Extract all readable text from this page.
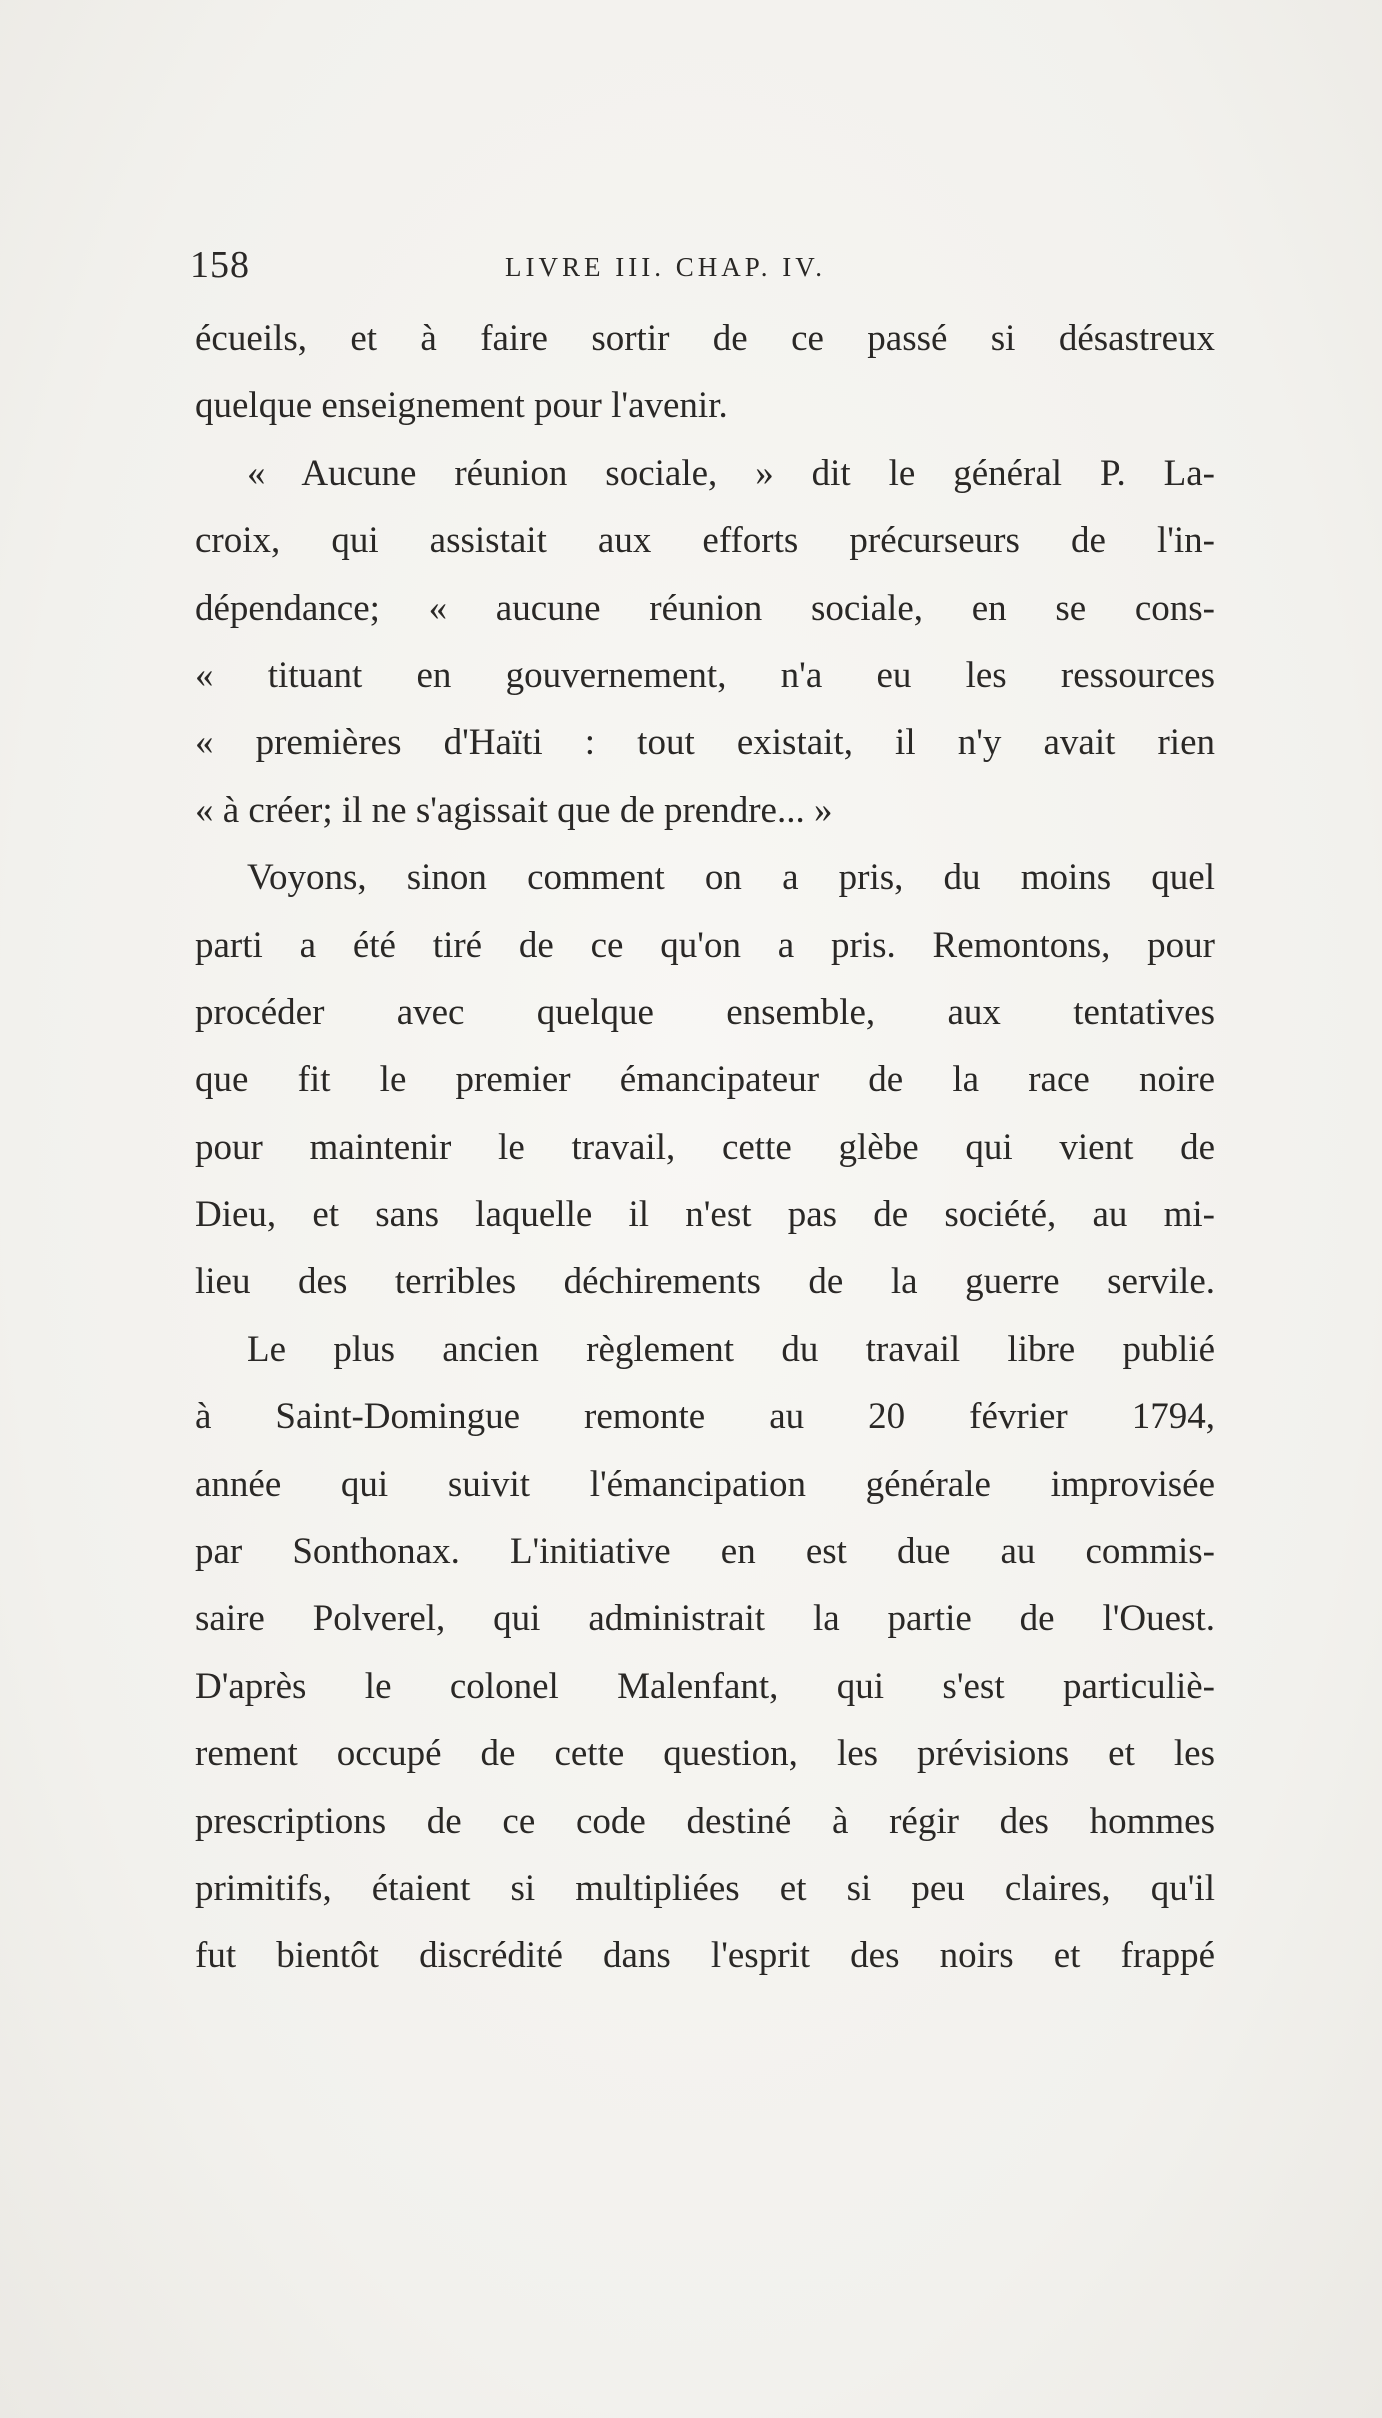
158	LIVRE III. CHAP. IV.
écueils, et à faire sortir de ce passé si désastreux
quelque enseignement pour l'avenir.
« Aucune réunion sociale, » dit le général P. La-
croix, qui assistait aux efforts précurseurs de l'in-
dépendance; « aucune réunion sociale, en se cons-
« tituant en gouvernement, n'a eu les ressources
« premières d'Haïti : tout existait, il n'y avait rien
« à créer; il ne s'agissait que de prendre... »
Voyons, sinon comment on a pris, du moins quel
parti a été tiré de ce qu'on a pris. Remontons, pour
procéder avec quelque ensemble, aux tentatives
que fit le premier émancipateur de la race noire
pour maintenir le travail, cette glèbe qui vient de
Dieu, et sans laquelle il n'est pas de société, au mi-
lieu des terribles déchirements de la guerre servile.
Le plus ancien règlement du travail libre publié
à Saint-Domingue remonte au 20 février 1794,
année qui suivit l'émancipation générale improvisée
par Sonthonax. L'initiative en est due au commis-
saire Polverel, qui administrait la partie de l'Ouest.
D'après le colonel Malenfant, qui s'est particuliè-
rement occupé de cette question, les prévisions et les
prescriptions de ce code destiné à régir des hommes
primitifs, étaient si multipliées et si peu claires, qu'il
fut bientôt discrédité dans l'esprit des noirs et frappé
